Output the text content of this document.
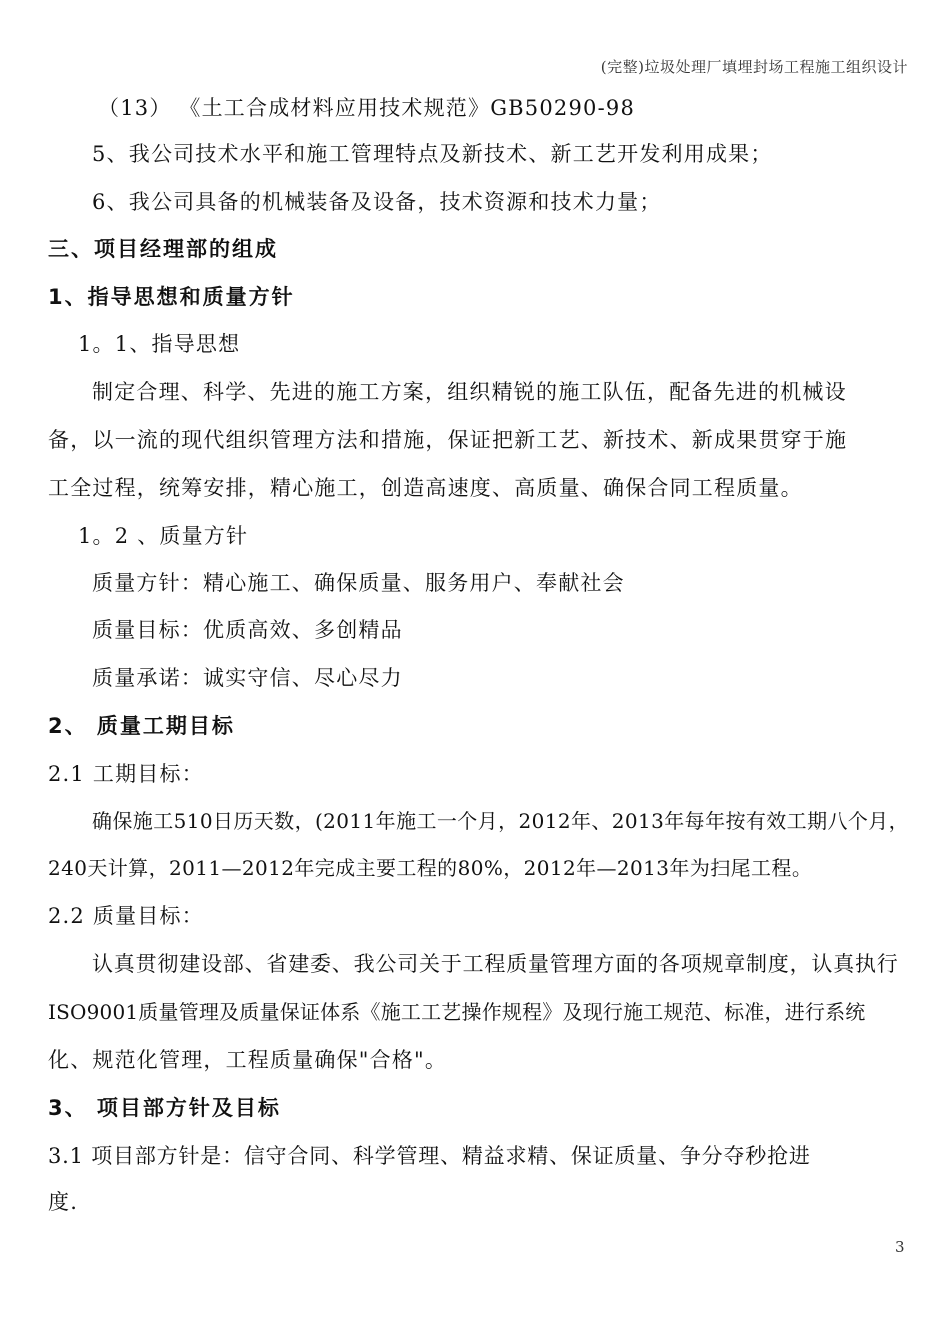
(完整)垃圾处理厂填埋封场工程施工组织设计
（13） 《土工合成材料应用技术规范》GB50290-98
5、我公司技术水平和施工管理特点及新技术、新工艺开发利用成果；
6、我公司具备的机械装备及设备，技术资源和技术力量；
三、项目经理部的组成
1、指导思想和质量方针
1。1、指导思想
制定合理、科学、先进的施工方案，组织精锐的施工队伍，配备先进的机械设
备，以一流的现代组织管理方法和措施，保证把新工艺、新技术、新成果贯穿于施
工全过程，统筹安排，精心施工，创造高速度、高质量、确保合同工程质量。
1。2 、质量方针
质量方针：精心施工、确保质量、服务用户、奉献社会
质量目标：优质高效、多创精品
质量承诺：诚实守信、尽心尽力
2、 质量工期目标
2.1 工期目标：
确保施工510日历天数，(2011年施工一个月，2012年、2013年每年按有效工期八个月，
240天计算，2011—2012年完成主要工程的80%，2012年—2013年为扫尾工程。
2.2 质量目标：
认真贯彻建设部、省建委、我公司关于工程质量管理方面的各项规章制度，认真执行
ISO9001质量管理及质量保证体系《施工工艺操作规程》及现行施工规范、标准，进行系统
化、规范化管理，工程质量确保"合格"。
3、 项目部方针及目标
3.1 项目部方针是：信守合同、科学管理、精益求精、保证质量、争分夺秒抢进
度.
3
